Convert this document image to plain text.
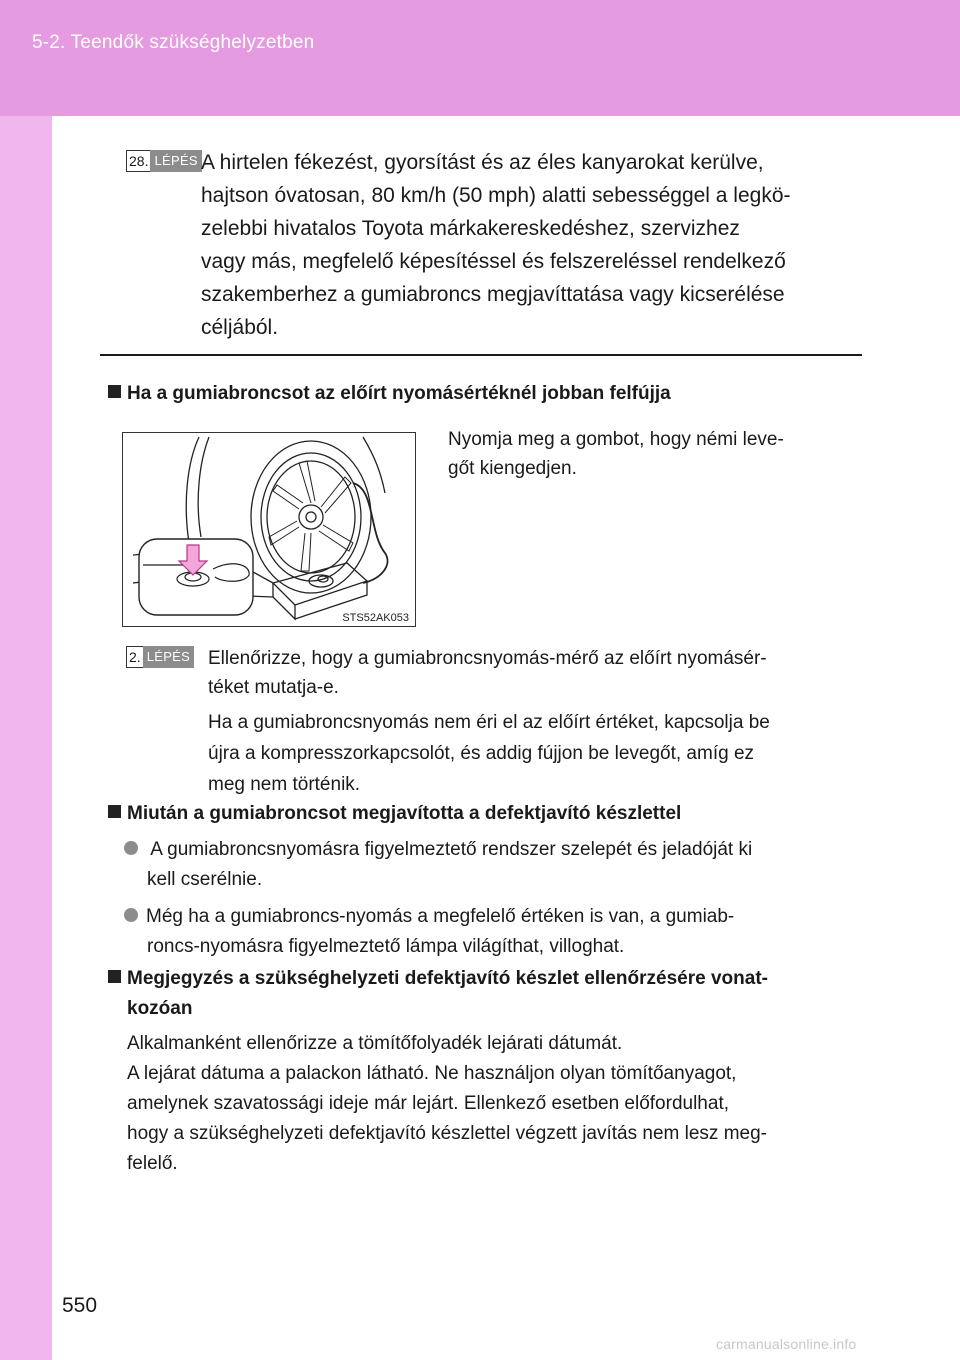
5-2. Teendők szükséghelyzetben
28. LÉPÉS A hirtelen fékezést, gyorsítást és az éles kanyarokat kerülve,
hajtson óvatosan, 80 km/h (50 mph) alatti sebességgel a legkö-
zelebbi hivatalos Toyota márkakereskedéshez, szervizhez
vagy más, megfelelő képesítéssel és felszereléssel rendelkező
szakemberhez a gumiabroncs megjavíttatása vagy kicserélése
céljából.
Ha a gumiabroncsot az előírt nyomásértéknél jobban felfújja
STS52AK053
Nyomja meg a gombot, hogy némi leve-
gőt kiengedjen.
2. LÉPÉS Ellenőrizze, hogy a gumiabroncsnyomás-mérő az előírt nyomásér-
téket mutatja-e.
Ha a gumiabroncsnyomás nem éri el az előírt értéket, kapcsolja be
újra a kompresszorkapcsolót, és addig fújjon be levegőt, amíg ez
meg nem történik.
Miután a gumiabroncsot megjavította a defektjavító készlettel
A gumiabroncsnyomásra figyelmeztető rendszer szelepét és jeladóját ki
kell cserélnie.
Még ha a gumiabroncs-nyomás a megfelelő értéken is van, a gumiab-
roncs-nyomásra figyelmeztető lámpa világíthat, villoghat.
Megjegyzés a szükséghelyzeti defektjavító készlet ellenőrzésére vonat-
kozóan
Alkalmanként ellenőrizze a tömítőfolyadék lejárati dátumát.
A lejárat dátuma a palackon látható. Ne használjon olyan tömítőanyagot,
amelynek szavatossági ideje már lejárt. Ellenkező esetben előfordulhat,
hogy a szükséghelyzeti defektjavító készlettel végzett javítás nem lesz meg-
felelő.
550
carmanualsonline.info
